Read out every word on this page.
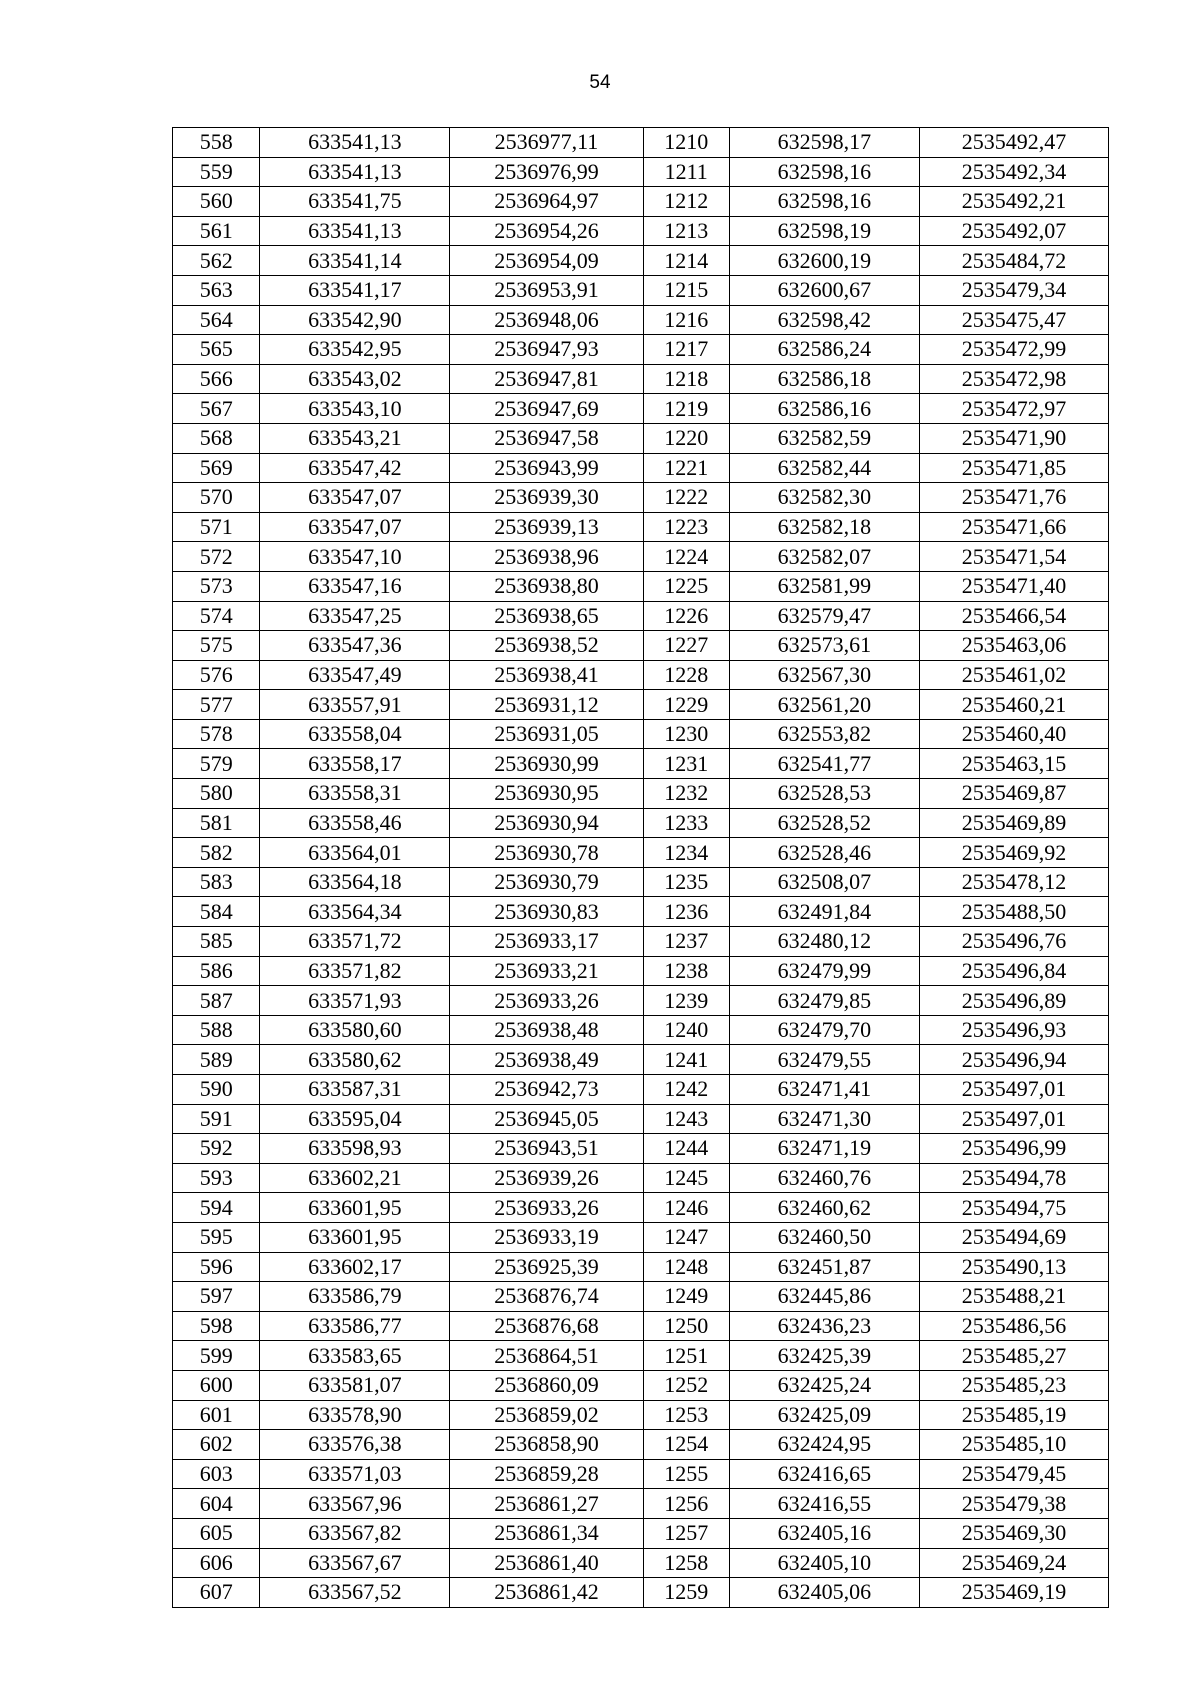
54
558	633541,13	2536977,11	1210	632598,17	2535492,47
559	633541,13	2536976,99	1211	632598,16	2535492,34
560	633541,75	2536964,97	1212	632598,16	2535492,21
561	633541,13	2536954,26	1213	632598,19	2535492,07
562	633541,14	2536954,09	1214	632600,19	2535484,72
563	633541,17	2536953,91	1215	632600,67	2535479,34
564	633542,90	2536948,06	1216	632598,42	2535475,47
565	633542,95	2536947,93	1217	632586,24	2535472,99
566	633543,02	2536947,81	1218	632586,18	2535472,98
567	633543,10	2536947,69	1219	632586,16	2535472,97
568	633543,21	2536947,58	1220	632582,59	2535471,90
569	633547,42	2536943,99	1221	632582,44	2535471,85
570	633547,07	2536939,30	1222	632582,30	2535471,76
571	633547,07	2536939,13	1223	632582,18	2535471,66
572	633547,10	2536938,96	1224	632582,07	2535471,54
573	633547,16	2536938,80	1225	632581,99	2535471,40
574	633547,25	2536938,65	1226	632579,47	2535466,54
575	633547,36	2536938,52	1227	632573,61	2535463,06
576	633547,49	2536938,41	1228	632567,30	2535461,02
577	633557,91	2536931,12	1229	632561,20	2535460,21
578	633558,04	2536931,05	1230	632553,82	2535460,40
579	633558,17	2536930,99	1231	632541,77	2535463,15
580	633558,31	2536930,95	1232	632528,53	2535469,87
581	633558,46	2536930,94	1233	632528,52	2535469,89
582	633564,01	2536930,78	1234	632528,46	2535469,92
583	633564,18	2536930,79	1235	632508,07	2535478,12
584	633564,34	2536930,83	1236	632491,84	2535488,50
585	633571,72	2536933,17	1237	632480,12	2535496,76
586	633571,82	2536933,21	1238	632479,99	2535496,84
587	633571,93	2536933,26	1239	632479,85	2535496,89
588	633580,60	2536938,48	1240	632479,70	2535496,93
589	633580,62	2536938,49	1241	632479,55	2535496,94
590	633587,31	2536942,73	1242	632471,41	2535497,01
591	633595,04	2536945,05	1243	632471,30	2535497,01
592	633598,93	2536943,51	1244	632471,19	2535496,99
593	633602,21	2536939,26	1245	632460,76	2535494,78
594	633601,95	2536933,26	1246	632460,62	2535494,75
595	633601,95	2536933,19	1247	632460,50	2535494,69
596	633602,17	2536925,39	1248	632451,87	2535490,13
597	633586,79	2536876,74	1249	632445,86	2535488,21
598	633586,77	2536876,68	1250	632436,23	2535486,56
599	633583,65	2536864,51	1251	632425,39	2535485,27
600	633581,07	2536860,09	1252	632425,24	2535485,23
601	633578,90	2536859,02	1253	632425,09	2535485,19
602	633576,38	2536858,90	1254	632424,95	2535485,10
603	633571,03	2536859,28	1255	632416,65	2535479,45
604	633567,96	2536861,27	1256	632416,55	2535479,38
605	633567,82	2536861,34	1257	632405,16	2535469,30
606	633567,67	2536861,40	1258	632405,10	2535469,24
607	633567,52	2536861,42	1259	632405,06	2535469,19
